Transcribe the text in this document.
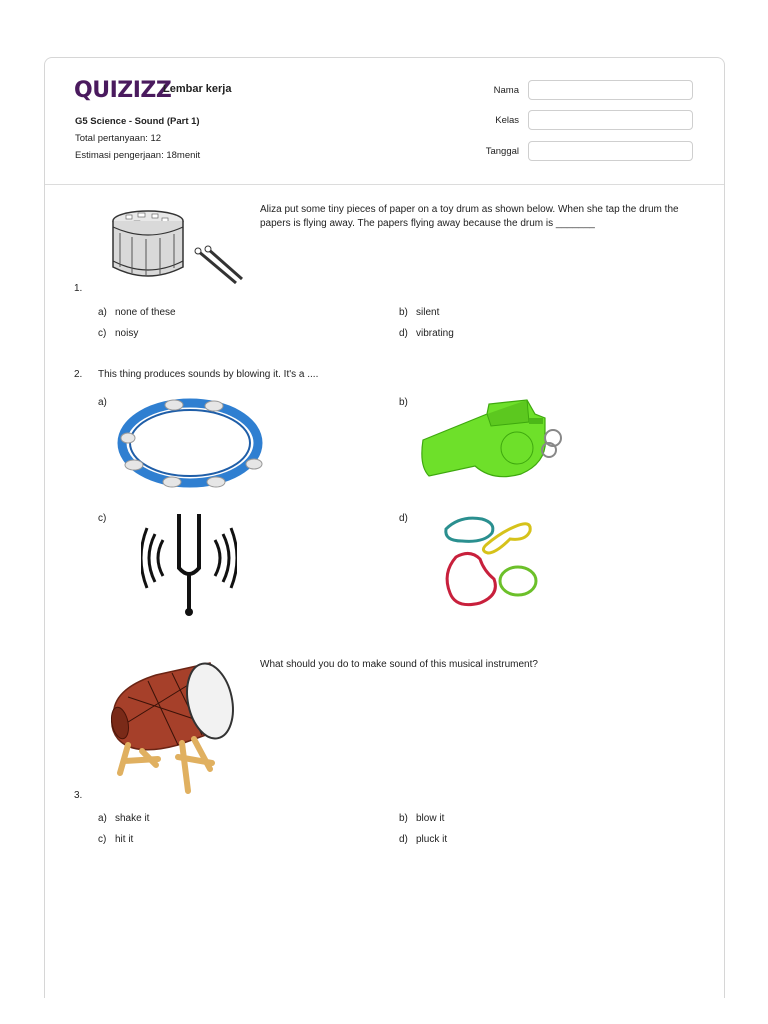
QUIZIZZ
Lembar kerja
G5 Science - Sound (Part 1)
Total pertanyaan: 12
Estimasi pengerjaan: 18menit
Nama
Kelas
Tanggal
Aliza put some tiny pieces of paper on a toy drum as shown below. When she tap the drum the papers is flying away. The papers flying away because the drum is _______
1.
a) none of these	b) silent
c) noisy	d) vibrating
2. This thing produces sounds by blowing it. It's a ....
a)	b)
c)	d)
What should you do to make sound of this musical instrument?
3.
a) shake it	b) blow it
c) hit it	d) pluck it
